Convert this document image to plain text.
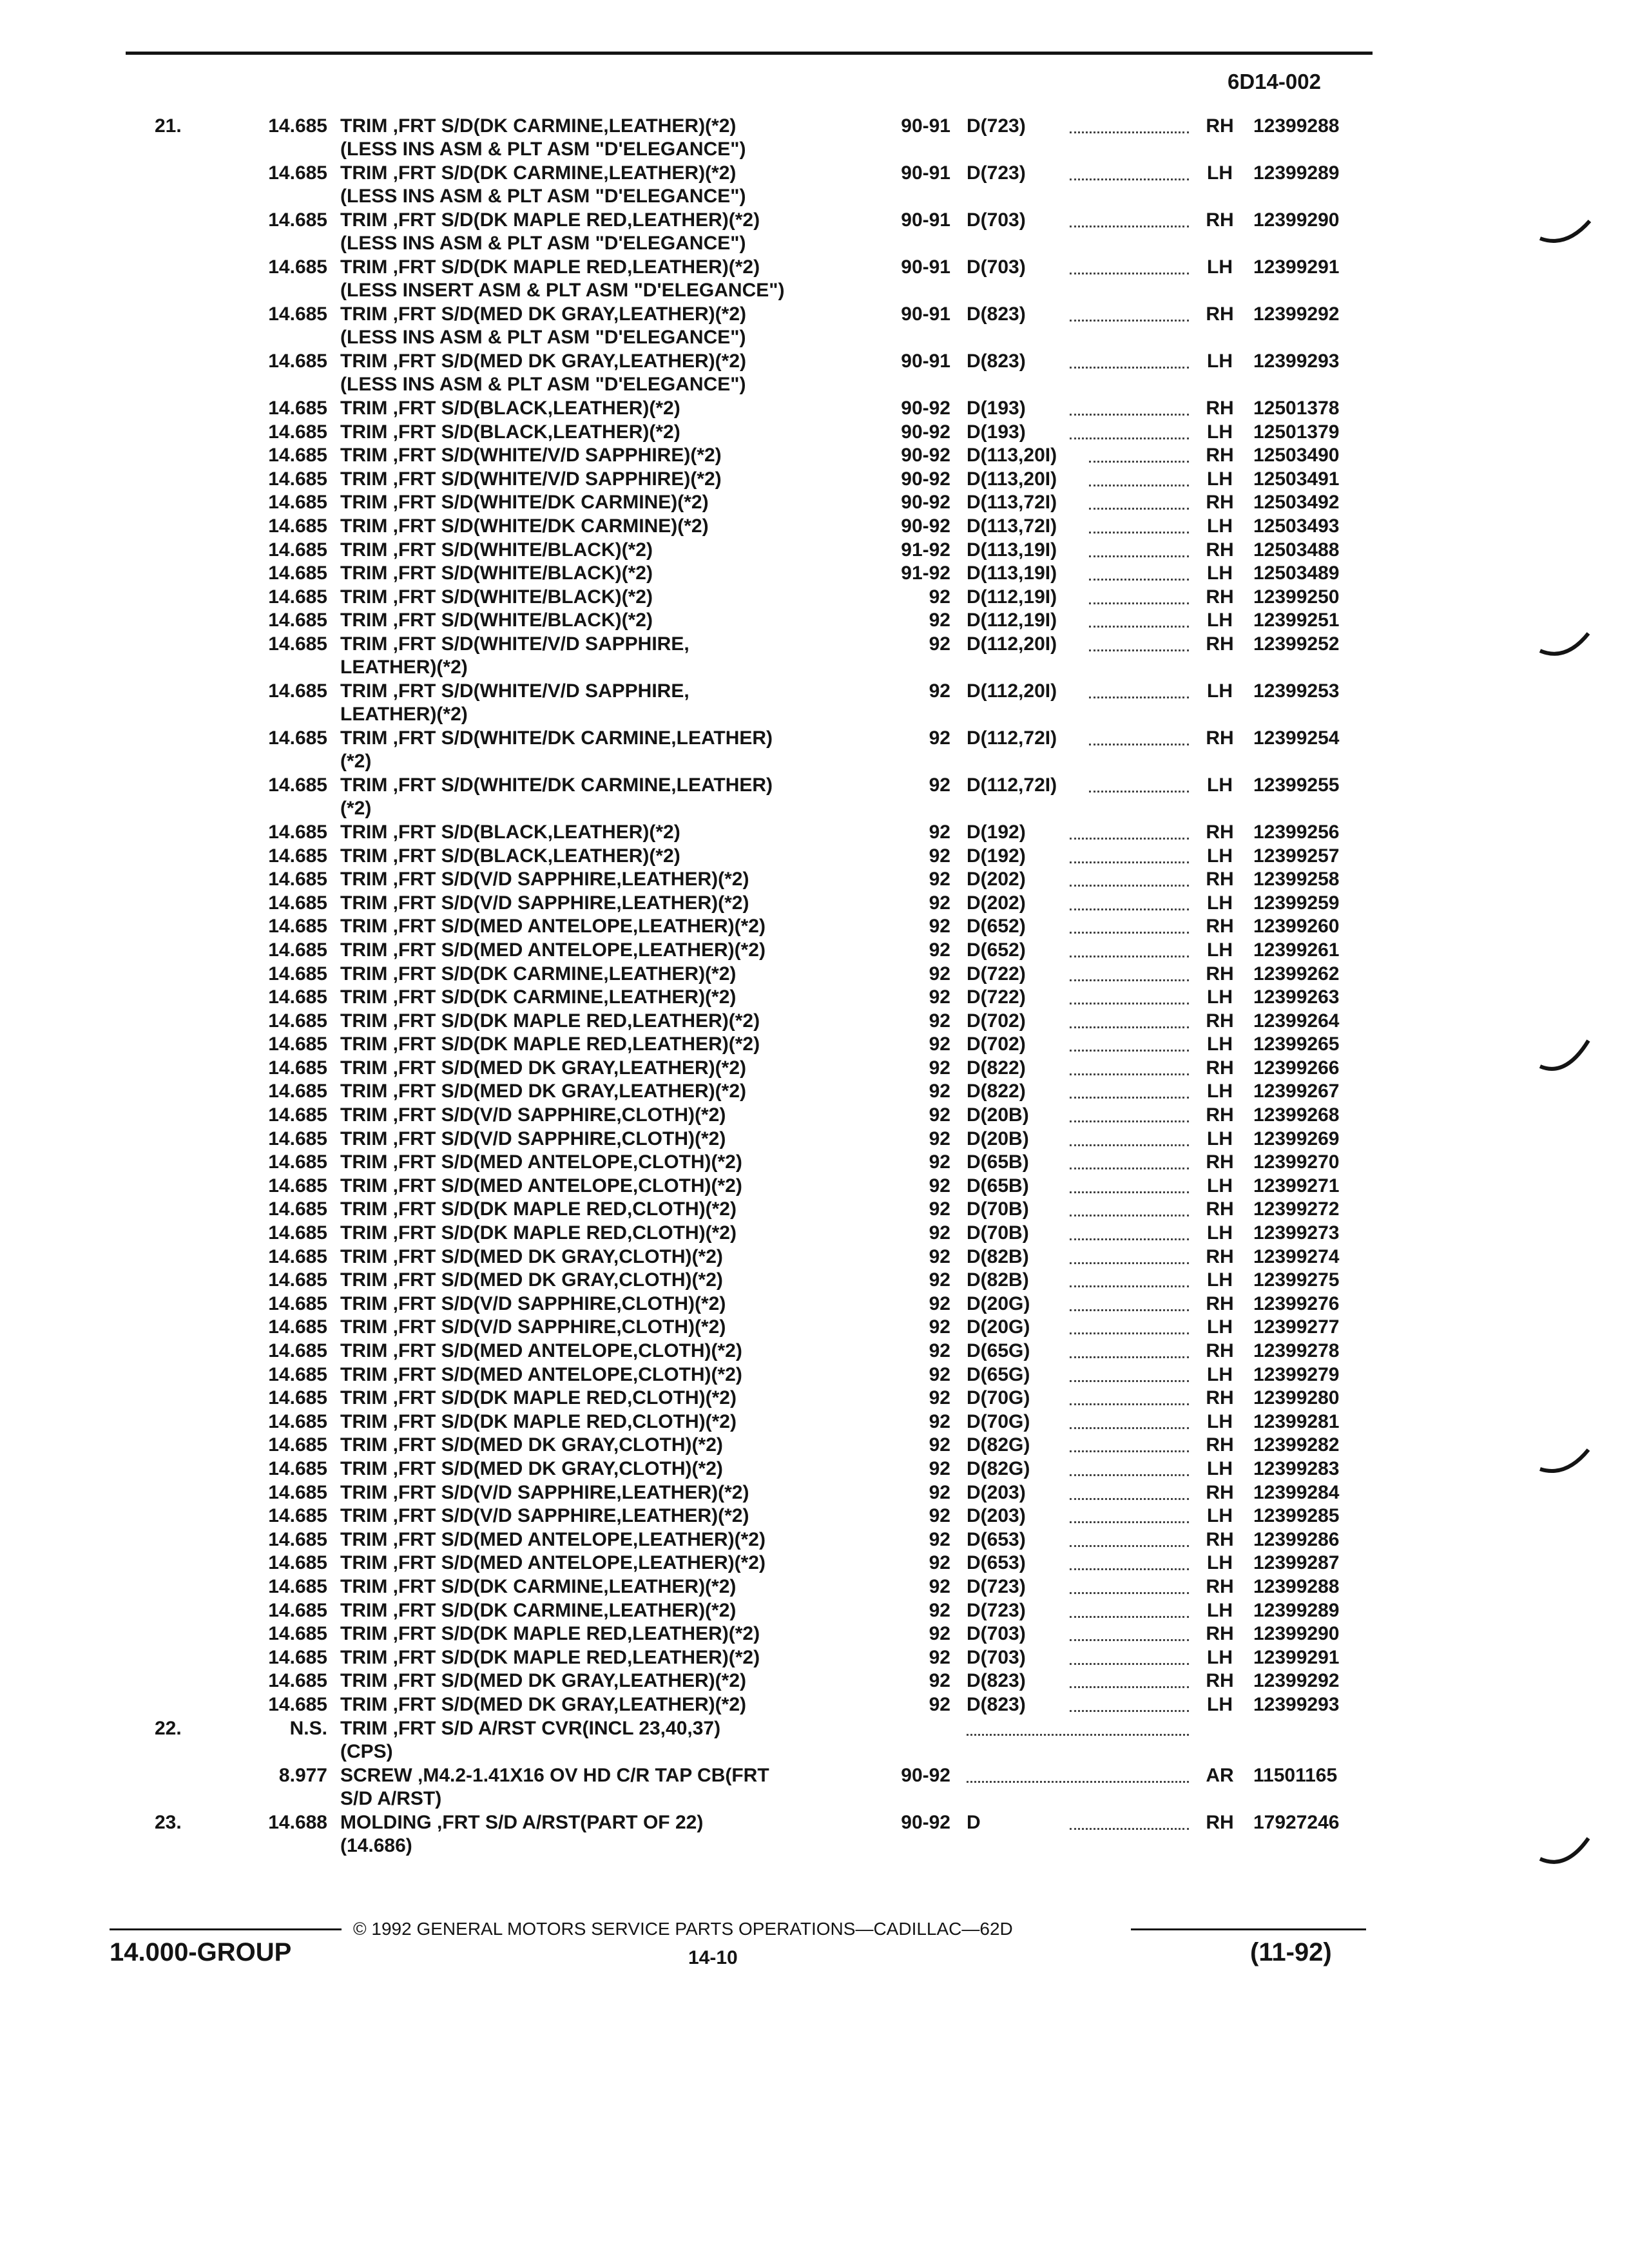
6D14-002
21.	14.685 TRIM ,FRT S/D(DK CARMINE,LEATHER)(*2)
(LESS INS ASM & PLT ASM "D'ELEGANCE")
90-91 D(723)	RH 12399288
14.685 TRIM ,FRT S/D(DK CARMINE,LEATHER)(*2)
(LESS INS ASM & PLT ASM "D'ELEGANCE")
90-91 D(723)	LH 12399289
14.685 TRIM ,FRT S/D(DK MAPLE RED,LEATHER)(*2)
(LESS INS ASM & PLT ASM "D'ELEGANCE")
90-91 D(703)	RH 12399290
14.685 TRIM ,FRT S/D(DK MAPLE RED,LEATHER)(*2)
(LESS INSERT ASM & PLT ASM "D'ELEGANCE")
90-91 D(703)	LH 12399291
14.685 TRIM ,FRT S/D(MED DK GRAY,LEATHER)(*2)
(LESS INS ASM & PLT ASM "D'ELEGANCE")
90-91 D(823)	RH 12399292
14.685 TRIM ,FRT S/D(MED DK GRAY,LEATHER)(*2)
(LESS INS ASM & PLT ASM "D'ELEGANCE")
90-91 D(823)	LH 12399293
14.685 TRIM ,FRT S/D(BLACK,LEATHER)(*2)	90-92 D(193)	RH 12501378
14.685 TRIM ,FRT S/D(BLACK,LEATHER)(*2)	90-92 D(193)	LH 12501379
14.685 TRIM ,FRT S/D(WHITE/V/D SAPPHIRE)(*2)	90-92 D(113,20I)	RH 12503490
14.685 TRIM ,FRT S/D(WHITE/V/D SAPPHIRE)(*2)	90-92 D(113,20I)	LH 12503491
14.685 TRIM ,FRT S/D(WHITE/DK CARMINE)(*2)	90-92 D(113,72I)	RH 12503492
14.685 TRIM ,FRT S/D(WHITE/DK CARMINE)(*2)	90-92 D(113,72I)	LH 12503493
14.685 TRIM ,FRT S/D(WHITE/BLACK)(*2)	91-92 D(113,19I)	RH 12503488
14.685 TRIM ,FRT S/D(WHITE/BLACK)(*2)	91-92 D(113,19I)	LH 12503489
14.685 TRIM ,FRT S/D(WHITE/BLACK)(*2)	92 D(112,19I)	RH 12399250
14.685 TRIM ,FRT S/D(WHITE/BLACK)(*2)	92 D(112,19I)	LH 12399251
14.685 TRIM ,FRT S/D(WHITE/V/D SAPPHIRE,
LEATHER)(*2)
92 D(112,20I)	RH 12399252
14.685 TRIM ,FRT S/D(WHITE/V/D SAPPHIRE,
LEATHER)(*2)
92 D(112,20I)	LH 12399253
14.685 TRIM ,FRT S/D(WHITE/DK CARMINE,LEATHER)
(*2)
92 D(112,72I)	RH 12399254
14.685 TRIM ,FRT S/D(WHITE/DK CARMINE,LEATHER)
(*2)
92 D(112,72I)	LH 12399255
14.685 TRIM ,FRT S/D(BLACK,LEATHER)(*2)	92 D(192)	RH 12399256
14.685 TRIM ,FRT S/D(BLACK,LEATHER)(*2)	92 D(192)	LH 12399257
14.685 TRIM ,FRT S/D(V/D SAPPHIRE,LEATHER)(*2)	92 D(202)	RH 12399258
14.685 TRIM ,FRT S/D(V/D SAPPHIRE,LEATHER)(*2)	92 D(202)	LH 12399259
14.685 TRIM ,FRT S/D(MED ANTELOPE,LEATHER)(*2)	92 D(652)	RH 12399260
14.685 TRIM ,FRT S/D(MED ANTELOPE,LEATHER)(*2)	92 D(652)	LH 12399261
14.685 TRIM ,FRT S/D(DK CARMINE,LEATHER)(*2)	92 D(722)	RH 12399262
14.685 TRIM ,FRT S/D(DK CARMINE,LEATHER)(*2)	92 D(722)	LH 12399263
14.685 TRIM ,FRT S/D(DK MAPLE RED,LEATHER)(*2)	92 D(702)	RH 12399264
14.685 TRIM ,FRT S/D(DK MAPLE RED,LEATHER)(*2)	92 D(702)	LH 12399265
14.685 TRIM ,FRT S/D(MED DK GRAY,LEATHER)(*2)	92 D(822)	RH 12399266
14.685 TRIM ,FRT S/D(MED DK GRAY,LEATHER)(*2)	92 D(822)	LH 12399267
14.685 TRIM ,FRT S/D(V/D SAPPHIRE,CLOTH)(*2)	92 D(20B)	RH 12399268
14.685 TRIM ,FRT S/D(V/D SAPPHIRE,CLOTH)(*2)	92 D(20B)	LH 12399269
14.685 TRIM ,FRT S/D(MED ANTELOPE,CLOTH)(*2)	92 D(65B)	RH 12399270
14.685 TRIM ,FRT S/D(MED ANTELOPE,CLOTH)(*2)	92 D(65B)	LH 12399271
14.685 TRIM ,FRT S/D(DK MAPLE RED,CLOTH)(*2)	92 D(70B)	RH 12399272
14.685 TRIM ,FRT S/D(DK MAPLE RED,CLOTH)(*2)	92 D(70B)	LH 12399273
14.685 TRIM ,FRT S/D(MED DK GRAY,CLOTH)(*2)	92 D(82B)	RH 12399274
14.685 TRIM ,FRT S/D(MED DK GRAY,CLOTH)(*2)	92 D(82B)	LH 12399275
14.685 TRIM ,FRT S/D(V/D SAPPHIRE,CLOTH)(*2)	92 D(20G)	RH 12399276
14.685 TRIM ,FRT S/D(V/D SAPPHIRE,CLOTH)(*2)	92 D(20G)	LH 12399277
14.685 TRIM ,FRT S/D(MED ANTELOPE,CLOTH)(*2)	92 D(65G)	RH 12399278
14.685 TRIM ,FRT S/D(MED ANTELOPE,CLOTH)(*2)	92 D(65G)	LH 12399279
14.685 TRIM ,FRT S/D(DK MAPLE RED,CLOTH)(*2)	92 D(70G)	RH 12399280
14.685 TRIM ,FRT S/D(DK MAPLE RED,CLOTH)(*2)	92 D(70G)	LH 12399281
14.685 TRIM ,FRT S/D(MED DK GRAY,CLOTH)(*2)	92 D(82G)	RH 12399282
14.685 TRIM ,FRT S/D(MED DK GRAY,CLOTH)(*2)	92 D(82G)	LH 12399283
14.685 TRIM ,FRT S/D(V/D SAPPHIRE,LEATHER)(*2)	92 D(203)	RH 12399284
14.685 TRIM ,FRT S/D(V/D SAPPHIRE,LEATHER)(*2)	92 D(203)	LH 12399285
14.685 TRIM ,FRT S/D(MED ANTELOPE,LEATHER)(*2)	92 D(653)	RH 12399286
14.685 TRIM ,FRT S/D(MED ANTELOPE,LEATHER)(*2)	92 D(653)	LH 12399287
14.685 TRIM ,FRT S/D(DK CARMINE,LEATHER)(*2)	92 D(723)	RH 12399288
14.685 TRIM ,FRT S/D(DK CARMINE,LEATHER)(*2)	92 D(723)	LH 12399289
14.685 TRIM ,FRT S/D(DK MAPLE RED,LEATHER)(*2)	92 D(703)	RH 12399290
14.685 TRIM ,FRT S/D(DK MAPLE RED,LEATHER)(*2)	92 D(703)	LH 12399291
14.685 TRIM ,FRT S/D(MED DK GRAY,LEATHER)(*2)	92 D(823)	RH 12399292
14.685 TRIM ,FRT S/D(MED DK GRAY,LEATHER)(*2)	92 D(823)	LH 12399293
22.	N.S. TRIM ,FRT S/D A/RST CVR(INCL 23,40,37)
(CPS)
8.977 SCREW ,M4.2-1.41X16 OV HD C/R TAP CB(FRT
S/D A/RST)
90-92	AR 11501165
23.	14.688 MOLDING ,FRT S/D A/RST(PART OF 22)
(14.686)
90-92 D	RH 17927246
14.000-GROUP
© 1992 GENERAL MOTORS SERVICE PARTS OPERATIONS—CADILLAC—62D
14-10	(11-92)
